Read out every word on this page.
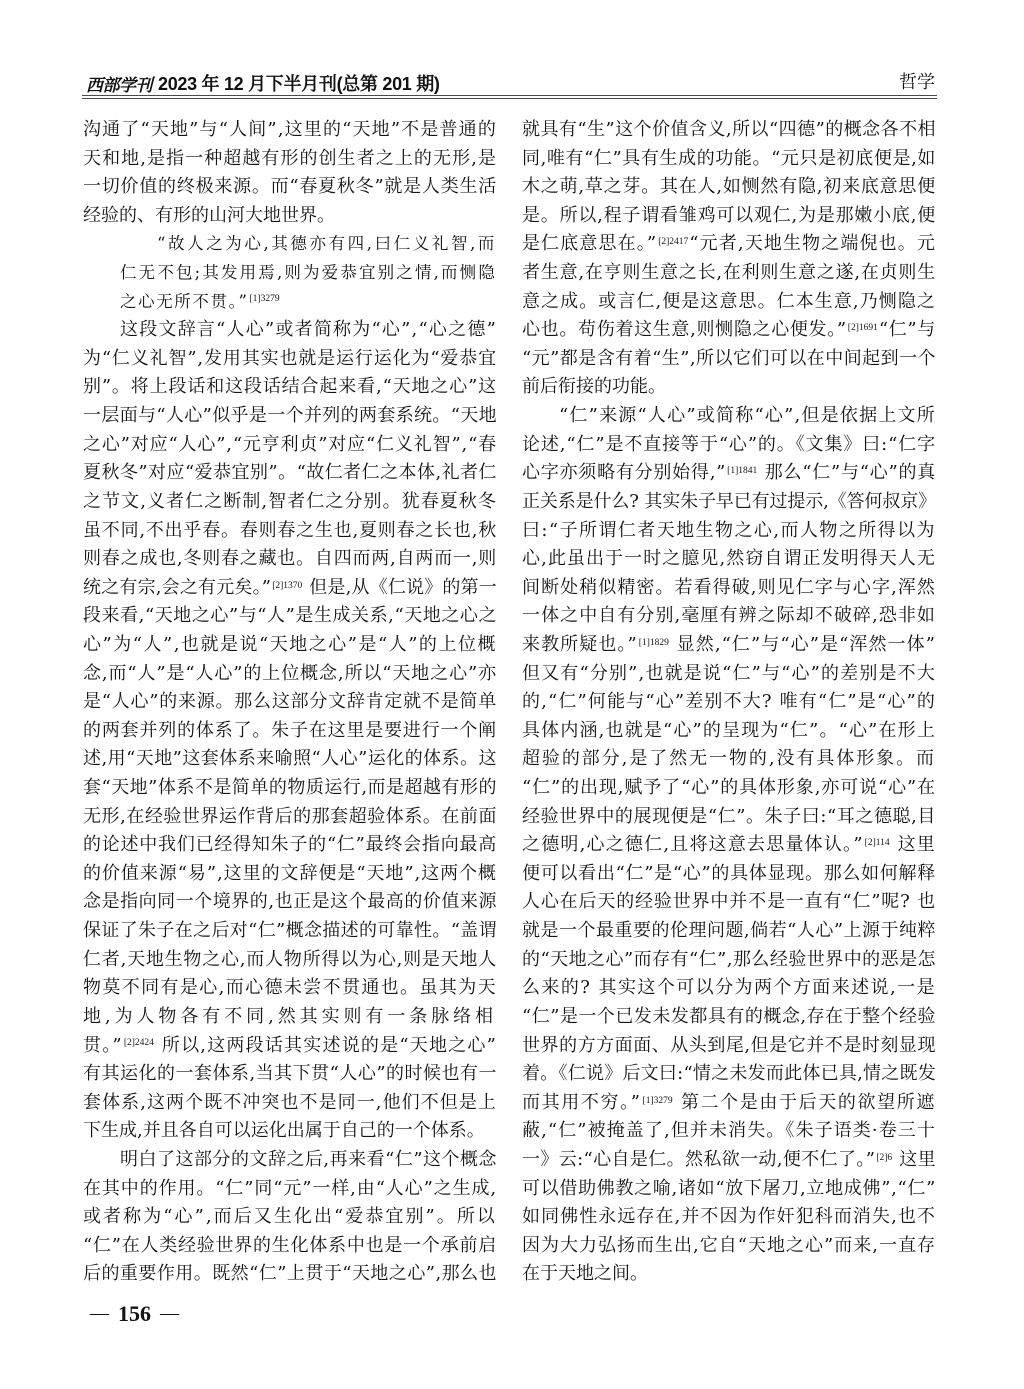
西部学刊 2023 年 12 月下半月刊(总第 201 期)	哲学
沟通了“天地”与“人间”,这里的“天地”不是普通的
天和地,是指一种超越有形的创生者之上的无形,是
一切价值的终极来源。而“春夏秋冬”就是人类生活
经验的、有形的山河大地世界。
“故人之为心,其德亦有四,曰仁义礼智,而
仁无不包;其发用焉,则为爱恭宜别之情,而恻隐
之心无所不贯。”$^{[1]3279}$
这段文辞言“人心”或者简称为“心”,“心之德”
为“仁义礼智”,发用其实也就是运行运化为“爱恭宜
别”。将上段话和这段话结合起来看,“天地之心”这
一层面与“人心”似乎是一个并列的两套系统。“天地
之心”对应“人心”,“元亨利贞”对应“仁义礼智”,“春
夏秋冬”对应“爱恭宜别”。“故仁者仁之本体,礼者仁
之节文,义者仁之断制,智者仁之分别。犹春夏秋冬
虽不同,不出乎春。春则春之生也,夏则春之长也,秋
则春之成也,冬则春之藏也。自四而两,自两而一,则
统之有宗,会之有元矣。”$^{[2]1370}$ 但是,从《仁说》的第一
段来看,“天地之心”与“人”是生成关系,“天地之心之
心”为“人”,也就是说“天地之心”是“人”的上位概
念,而“人”是“人心”的上位概念,所以“天地之心”亦
是“人心”的来源。那么这部分文辞肯定就不是简单
的两套并列的体系了。朱子在这里是要进行一个阐
述,用“天地”这套体系来喻照“人心”运化的体系。这
套“天地”体系不是简单的物质运行,而是超越有形的
无形,在经验世界运作背后的那套超验体系。在前面
的论述中我们已经得知朱子的“仁”最终会指向最高
的价值来源“易”,这里的文辞便是“天地”,这两个概
念是指向同一个境界的,也正是这个最高的价值来源
保证了朱子在之后对“仁”概念描述的可靠性。“盖谓
仁者,天地生物之心,而人物所得以为心,则是天地人
物莫不同有是心,而心德未尝不贯通也。虽其为天
地,为人物各有不同,然其实则有一条脉络相
贯。”$^{[2]2424}$ 所以,这两段话其实述说的是“天地之心”
有其运化的一套体系,当其下贯“人心”的时候也有一
套体系,这两个既不冲突也不是同一,他们不但是上
下生成,并且各自可以运化出属于自己的一个体系。
明白了这部分的文辞之后,再来看“仁”这个概念
在其中的作用。“仁”同“元”一样,由“人心”之生成,
或者称为“心”,而后又生化出“爱恭宜别”。所以
“仁”在人类经验世界的生化体系中也是一个承前启
后的重要作用。既然“仁”上贯于“天地之心”,那么也
就具有“生”这个价值含义,所以“四德”的概念各不相
同,唯有“仁”具有生成的功能。“元只是初底便是,如
木之萌,草之芽。其在人,如恻然有隐,初来底意思便
是。所以,程子谓看雏鸡可以观仁,为是那嫩小底,便
是仁底意思在。”$^{[2]2417}$“元者,天地生物之端倪也。元
者生意,在亨则生意之长,在利则生意之遂,在贞则生
意之成。或言仁,便是这意思。仁本生意,乃恻隐之
心也。苟伤着这生意,则恻隐之心便发。”$^{[2]1691}$“仁”与
“元”都是含有着“生”,所以它们可以在中间起到一个
前后衔接的功能。
“仁”来源“人心”或简称“心”,但是依据上文所
论述,“仁”是不直接等于“心”的。《文集》曰:“仁字
心字亦须略有分别始得,”$^{[1]1841}$ 那么“仁”与“心”的真
正关系是什么? 其实朱子早已有过提示,《答何叔京》
曰:“子所谓仁者天地生物之心,而人物之所得以为
心,此虽出于一时之臆见,然窃自谓正发明得天人无
间断处稍似精密。若看得破,则见仁字与心字,浑然
一体之中自有分别,毫厘有辨之际却不破碎,恐非如
来教所疑也。”$^{[1]1829}$ 显然,“仁”与“心”是“浑然一体”
但又有“分别”,也就是说“仁”与“心”的差别是不大
的,“仁”何能与“心”差别不大? 唯有“仁”是“心”的
具体内涵,也就是“心”的呈现为“仁”。“心”在形上
超验的部分,是了然无一物的,没有具体形象。而
“仁”的出现,赋予了“心”的具体形象,亦可说“心”在
经验世界中的展现便是“仁”。朱子曰:“耳之德聪,目
之德明,心之德仁,且将这意去思量体认。”$^{[2]114}$ 这里
便可以看出“仁”是“心”的具体显现。那么如何解释
人心在后天的经验世界中并不是一直有“仁”呢? 也
就是一个最重要的伦理问题,倘若“人心”上源于纯粹
的“天地之心”而存有“仁”,那么经验世界中的恶是怎
么来的? 其实这个可以分为两个方面来述说,一是
“仁”是一个已发未发都具有的概念,存在于整个经验
世界的方方面面、从头到尾,但是它并不是时刻显现
着。《仁说》后文曰:“情之未发而此体已具,情之既发
而其用不穷。”$^{[1]3279}$ 第二个是由于后天的欲望所遮
蔽,“仁”被掩盖了,但并未消失。《朱子语类·卷三十
一》云:“心自是仁。然私欲一动,便不仁了。”$^{[2]6}$ 这里
可以借助佛教之喻,诸如“放下屠刀,立地成佛”,“仁”
如同佛性永远存在,并不因为作奸犯科而消失,也不
因为大力弘扬而生出,它自“天地之心”而来,一直存
在于天地之间。
— 156 —
